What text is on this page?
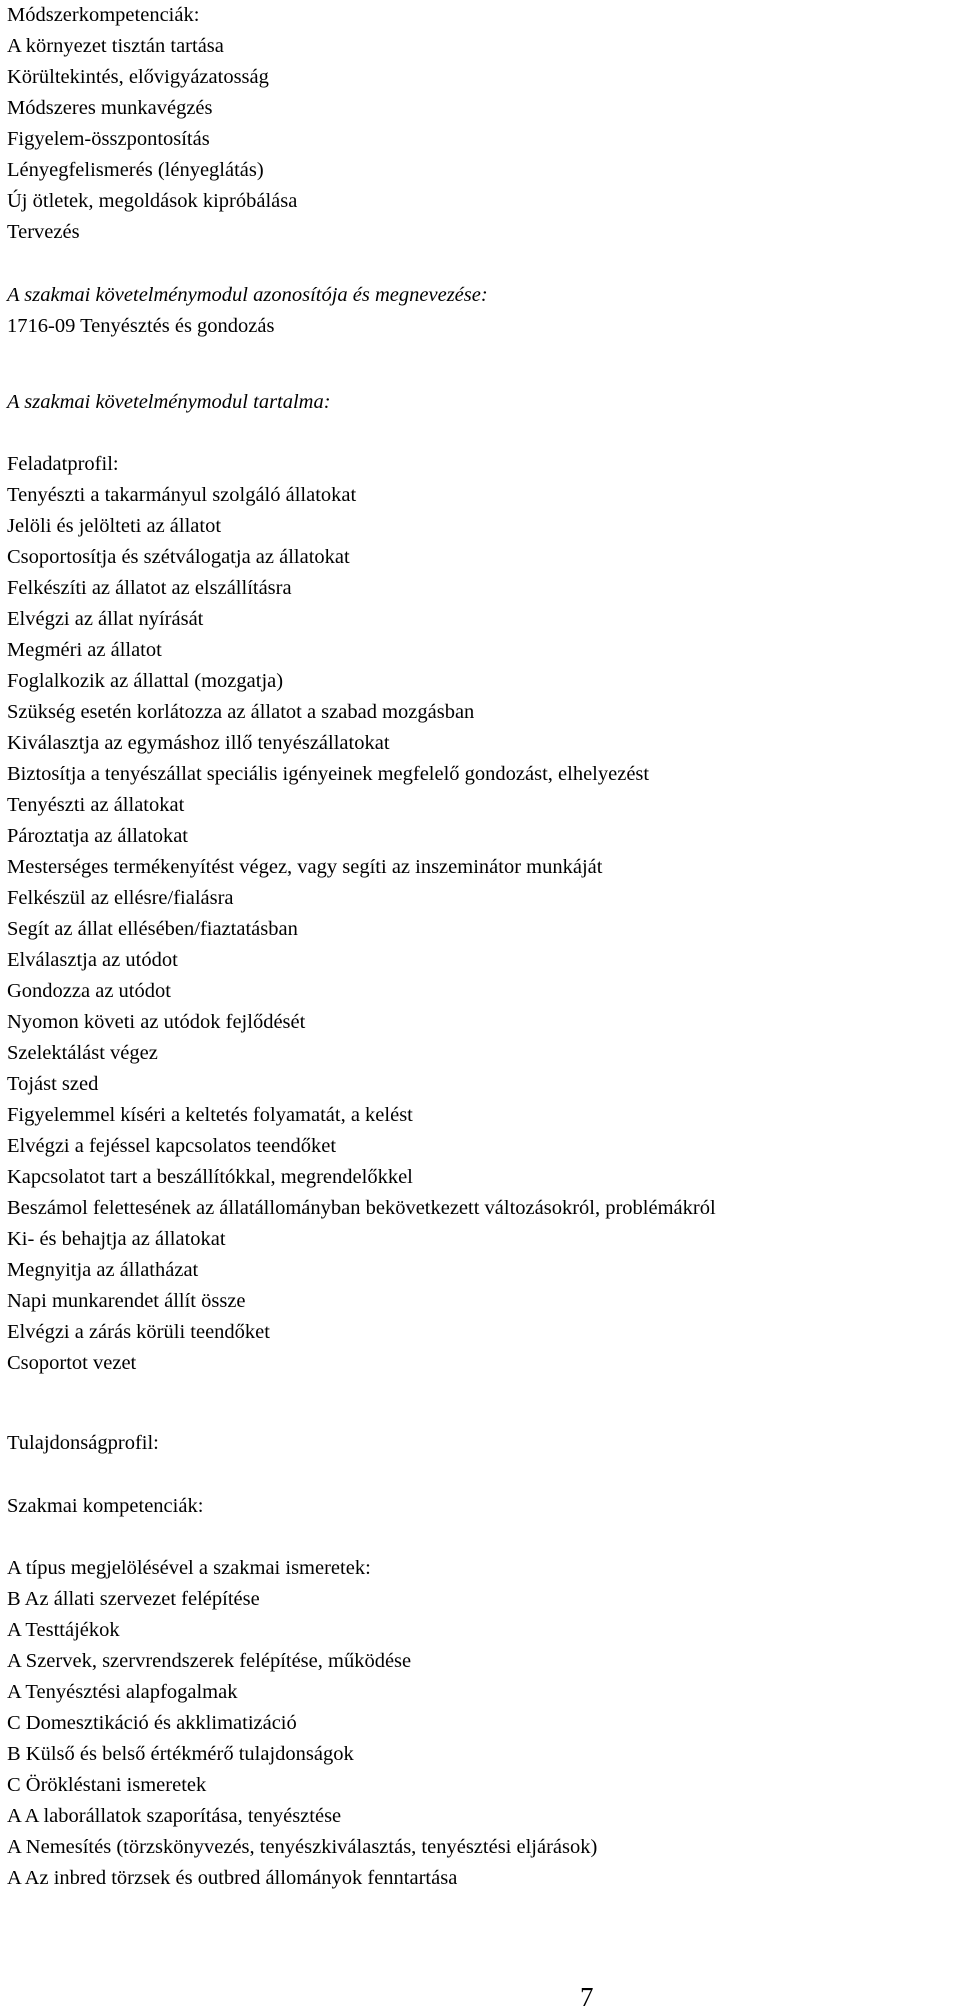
Módszerkompetenciák:
A környezet tisztán tartása
Körültekintés, elővigyázatosság
Módszeres munkavégzés
Figyelem-összpontosítás
Lényegfelismerés (lényeglátás)
Új ötletek, megoldások kipróbálása
Tervezés
A szakmai követelménymodul azonosítója és megnevezése:
1716-09 Tenyésztés és gondozás
A szakmai követelménymodul tartalma:
Feladatprofil:
Tenyészti a takarmányul szolgáló állatokat
Jelöli és jelölteti az állatot
Csoportosítja és szétválogatja az állatokat
Felkészíti az állatot az elszállításra
Elvégzi az állat nyírását
Megméri az állatot
Foglalkozik az állattal (mozgatja)
Szükség esetén korlátozza az állatot a szabad mozgásban
Kiválasztja az egymáshoz illő tenyészállatokat
Biztosítja a tenyészállat speciális igényeinek megfelelő gondozást, elhelyezést
Tenyészti az állatokat
Pároztatja az állatokat
Mesterséges termékenyítést végez, vagy segíti az inszeminátor munkáját
Felkészül az ellésre/fialásra
Segít az állat ellésében/fiaztatásban
Elválasztja az utódot
Gondozza az utódot
Nyomon követi az utódok fejlődését
Szelektálást végez
Tojást szed
Figyelemmel kíséri a keltetés folyamatát, a kelést
Elvégzi a fejéssel kapcsolatos teendőket
Kapcsolatot tart a beszállítókkal, megrendelőkkel
Beszámol felettesének az állatállományban bekövetkezett változásokról, problémákról
Ki- és behajtja az állatokat
Megnyitja az állatházat
Napi munkarendet állít össze
Elvégzi a zárás körüli teendőket
Csoportot vezet
Tulajdonságprofil:
Szakmai kompetenciák:
A típus megjelölésével a szakmai ismeretek:
B Az állati szervezet felépítése
A Testtájékok
A Szervek, szervrendszerek felépítése, működése
A Tenyésztési alapfogalmak
C Domesztikáció és akklimatizáció
B Külső és belső értékmérő tulajdonságok
C Örökléstani ismeretek
A A laborállatok szaporítása, tenyésztése
A Nemesítés (törzskönyvezés, tenyészkiválasztás, tenyésztési eljárások)
A Az inbred törzsek és outbred állományok fenntartása
7
